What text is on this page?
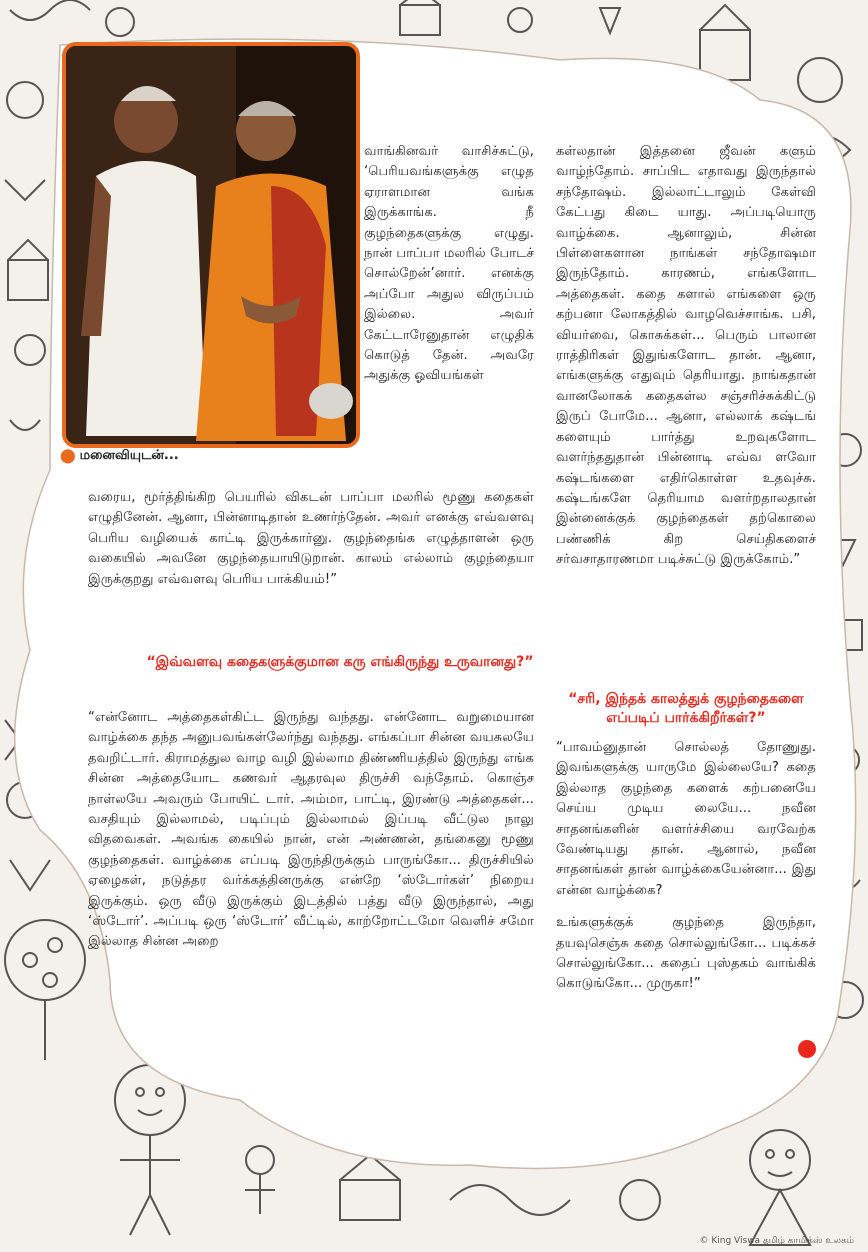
⬤ மனைவியுடன்...

வாங்கினவர் வாசிச்சுட்டு, ‘பெரியவங்களுக்கு எழுத ஏராளமான வங்க இருக்காங்க. நீ குழந்தைகளுக்கு எழுது. நான் பாப்பா மலரில் போடச் சொல்றேன்’னார். எனக்கு அப்போ அதுல விருப்பம் இல்லை. அவர் கேட்டாரேனுதான் எழுதிக் கொடுத் தேன். அவரே அதுக்கு ஓவியங்கள்

வரைய, மூர்த்திங்கிற பெயரில் விகடன் பாப்பா மலரில் மூணு கதைகள் எழுதினேன். ஆனா, பின்னாடிதான் உணர்ந்தேன். அவர் எனக்கு எவ்வளவு பெரிய வழியைக் காட்டி இருக்கார்னு. குழந்தைங்க எழுத்தாளன் ஒரு வகையில் அவனே குழந்தையாயிடுறான். காலம் எல்லாம் குழந்தையா இருக்குறது எவ்வளவு பெரிய பாக்கியம்!”

“இவ்வளவு கதைகளுக்குமான கரு எங்கிருந்து உருவானது?”

“என்னோட அத்தைகள்கிட்ட இருந்து வந்தது. என்னோட வறுமையான வாழ்க்கை தந்த அனுபவங்கள்லேர்ந்து வந்தது. எங்கப்பா சின்ன வயசுலயே தவறிட்டார். கிராமத்துல வாழ வழி இல்லாம திண்ணியத்தில் இருந்து எங்க சின்ன அத்தையோட கணவர் ஆதரவுல திருச்சி வந்தோம். கொஞ்ச நாள்லயே அவரும் போயிட் டார். அம்மா, பாட்டி, இரண்டு அத்தைகள்... வசதியும் இல்லாமல், படிப்பும் இல்லாமல் இப்படி வீட்டுல நாலு விதவைகள். அவங்க கையில் நான், என் அண்ணன், தங்கைனு மூணு குழந்தைகள். வாழ்க்கை எப்படி இருந்திருக்கும் பாருங்கோ... திருச்சியில் ஏழைகள், நடுத்தர வர்க்கத்தினருக்கு என்றே ‘ஸ்டோர்கள்’ நிறைய இருக்கும். ஒரு வீடு இருக்கும் இடத்தில் பத்து வீடு இருந்தால், அது ‘ஸ்டோர்’. அப்படி ஒரு ‘ஸ்டோர்’ வீட்டில், காற்றோட்டமோ வெளிச் சமோ இல்லாத சின்ன அறை

கள்லதான் இத்தனை ஜீவன் களும் வாழ்ந்தோம். சாப்பிட எதாவது இருந்தால் சந்தோஷம். இல்லாட்டாலும் கேள்வி கேட்பது கிடை யாது. அப்படியொரு வாழ்க்கை. ஆனாலும், சின்ன பிள்ளைகளான நாங்கள் சந்தோஷமா இருந்தோம். காரணம், எங்களோட அத்தைகள். கதை களால் எங்களை ஒரு கற்பனா லோகத்தில் வாழவெச்சாங்க. பசி, வியர்வை, கொசுக்கள்... பெரும் பாலான ராத்திரிகள் இதுங்களோட தான். ஆனா, எங்களுக்கு எதுவும் தெரியாது. நாங்கதான் வானலோகக் கதைகள்ல சஞ்சரிச்சுக்கிட்டு இருப் போமே... ஆனா, எல்லாக் கஷ்டங் களையும் பார்த்து உறவுகளோட வளர்ந்ததுதான் பின்னாடி எவ்வ ளவோ கஷ்டங்களை எதிர்கொள்ள உதவுச்சு. கஷ்டங்களே தெரியாம வளர்றதாலதான் இன்னைக்குக் குழந்தைகள் தற்கொலை பண்ணிக் கிற செய்திகளைச் சர்வசாதாரணமா படிச்சுட்டு இருக்கோம்.”

“சரி, இந்தக் காலத்துக் குழந்தைகளை எப்படிப் பார்க்கிறீர்கள்?”

“பாவம்னுதான் சொல்லத் தோணுது. இவங்களுக்கு யாருமே இல்லையே? கதை இல்லாத குழந்தை களைக் கற்பனையே செய்ய முடிய லையே... நவீன சாதனங்களின் வளர்ச்சியை வரவேற்க வேண்டியது தான். ஆனால், நவீன சாதனங்கள் தான் வாழ்க்கையேன்னா... இது என்ன வாழ்க்கை?

உங்களுக்குக் குழந்தை இருந்தா, தயவுசெஞ்சு கதை சொல்லுங்கோ... படிக்கச் சொல்லுங்கோ... கதைப் புஸ்தகம் வாங்கிக் கொடுங்கோ... முருகா!”

© King Viswa தமிழ் காமிக்ஸ் உலகம்
